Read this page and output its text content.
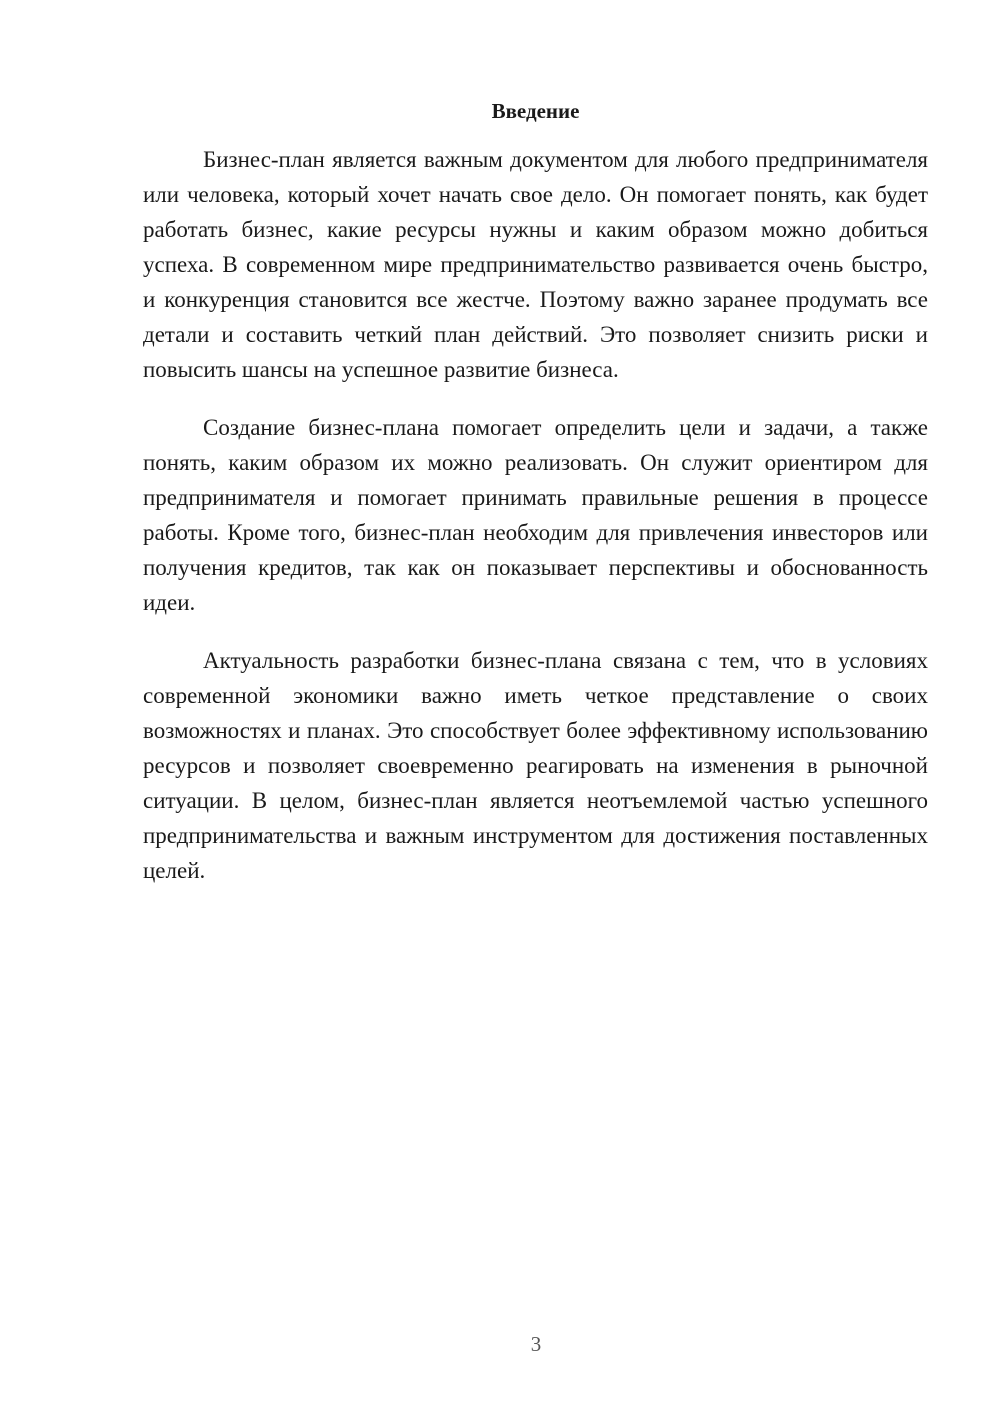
Введение

Бизнес-план является важным документом для любого предпринимателя или человека, который хочет начать свое дело. Он помогает понять, как будет работать бизнес, какие ресурсы нужны и каким образом можно добиться успеха. В современном мире предпринимательство развивается очень быстро, и конкуренция становится все жестче. Поэтому важно заранее продумать все детали и составить четкий план действий. Это позволяет снизить риски и повысить шансы на успешное развитие бизнеса.

Создание бизнес-плана помогает определить цели и задачи, а также понять, каким образом их можно реализовать. Он служит ориентиром для предпринимателя и помогает принимать правильные решения в процессе работы. Кроме того, бизнес-план необходим для привлечения инвесторов или получения кредитов, так как он показывает перспективы и обоснованность идеи.

Актуальность разработки бизнес-плана связана с тем, что в условиях современной экономики важно иметь четкое представление о своих возможностях и планах. Это способствует более эффективному использованию ресурсов и позволяет своевременно реагировать на изменения в рыночной ситуации. В целом, бизнес-план является неотъемлемой частью успешного предпринимательства и важным инструментом для достижения поставленных целей.

3
